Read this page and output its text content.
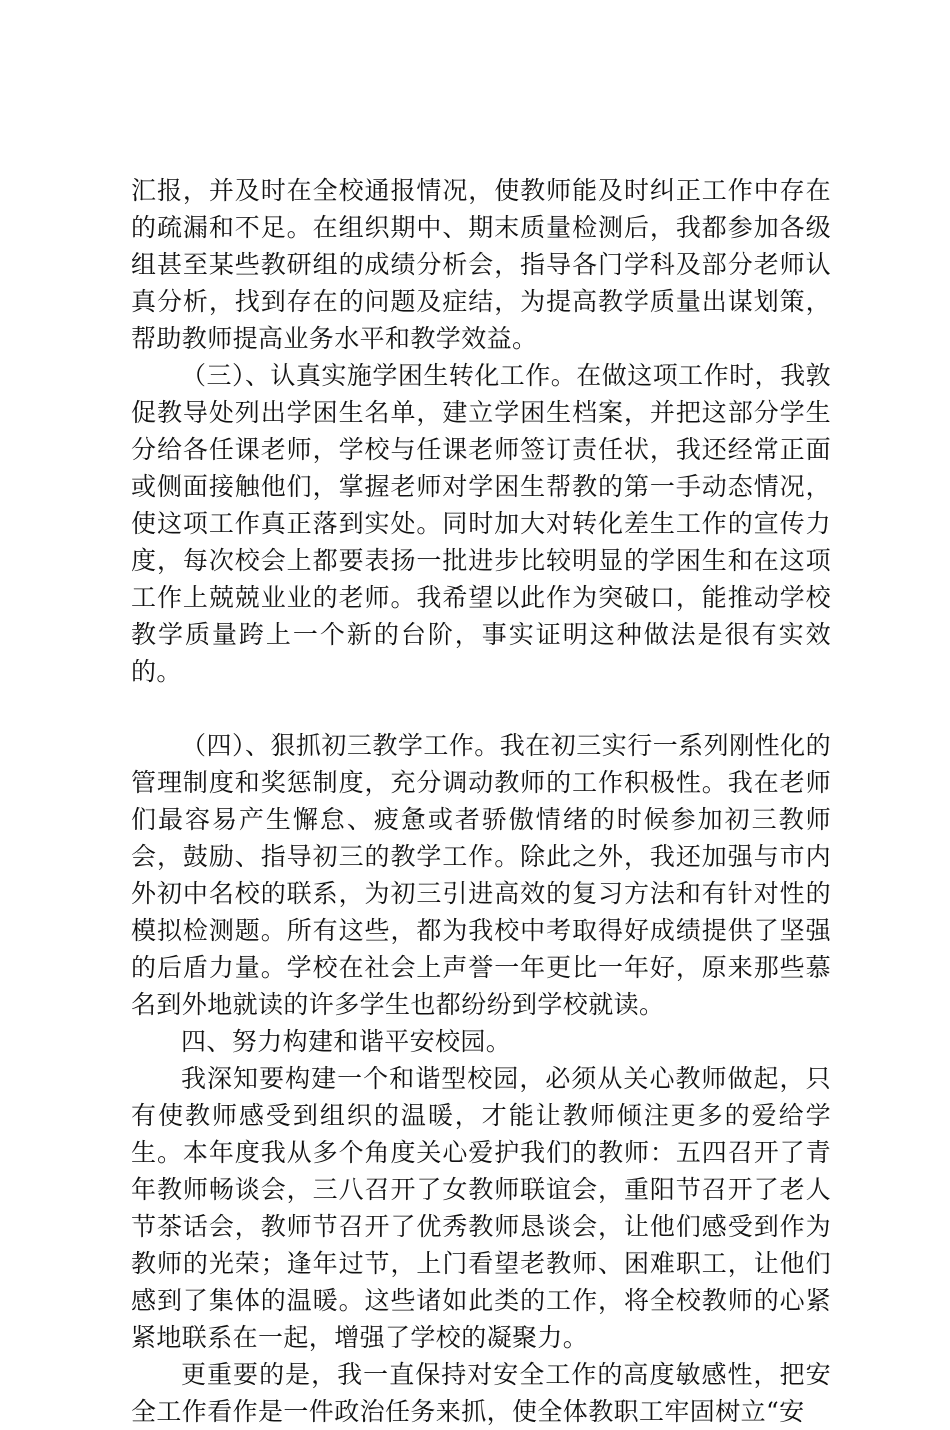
汇报，并及时在全校通报情况，使教师能及时纠正工作中存在的疏漏和不足。在组织期中、期末质量检测后，我都参加各级组甚至某些教研组的成绩分析会，指导各门学科及部分老师认真分析，找到存在的问题及症结，为提高教学质量出谋划策，帮助教师提高业务水平和教学效益。

（三）、认真实施学困生转化工作。在做这项工作时，我敦促教导处列出学困生名单，建立学困生档案，并把这部分学生分给各任课老师，学校与任课老师签订责任状，我还经常正面或侧面接触他们，掌握老师对学困生帮教的第一手动态情况，使这项工作真正落到实处。同时加大对转化差生工作的宣传力度，每次校会上都要表扬一批进步比较明显的学困生和在这项工作上兢兢业业的老师。我希望以此作为突破口，能推动学校教学质量跨上一个新的台阶，事实证明这种做法是很有实效的。

（四）、狠抓初三教学工作。我在初三实行一系列刚性化的管理制度和奖惩制度，充分调动教师的工作积极性。我在老师们最容易产生懈怠、疲惫或者骄傲情绪的时候参加初三教师会，鼓励、指导初三的教学工作。除此之外，我还加强与市内外初中名校的联系，为初三引进高效的复习方法和有针对性的模拟检测题。所有这些，都为我校中考取得好成绩提供了坚强的后盾力量。学校在社会上声誉一年更比一年好，原来那些慕名到外地就读的许多学生也都纷纷到学校就读。

四、努力构建和谐平安校园。

我深知要构建一个和谐型校园，必须从关心教师做起，只有使教师感受到组织的温暖，才能让教师倾注更多的爱给学生。本年度我从多个角度关心爱护我们的教师：五四召开了青年教师畅谈会，三八召开了女教师联谊会，重阳节召开了老人节茶话会，教师节召开了优秀教师恳谈会，让他们感受到作为教师的光荣；逢年过节，上门看望老教师、困难职工，让他们感到了集体的温暖。这些诸如此类的工作，将全校教师的心紧紧地联系在一起，增强了学校的凝聚力。

更重要的是，我一直保持对安全工作的高度敏感性，把安全工作看作是一件政治任务来抓，使全体教职工牢固树立“安
